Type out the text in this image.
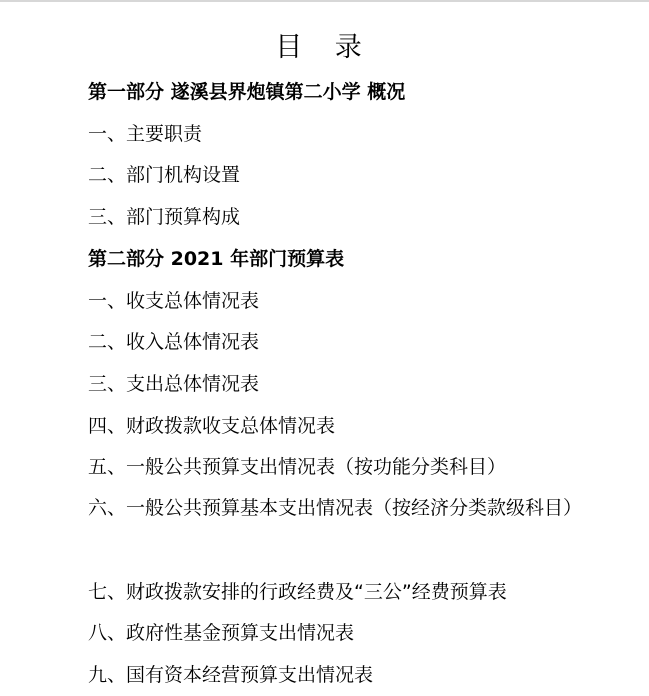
目 录
第一部分 遂溪县界炮镇第二小学 概况
一、主要职责
二、部门机构设置
三、部门预算构成
第二部分 2021 年部门预算表
一、收支总体情况表
二、收入总体情况表
三、支出总体情况表
四、财政拨款收支总体情况表
五、一般公共预算支出情况表（按功能分类科目）
六、一般公共预算基本支出情况表（按经济分类款级科目）
七、财政拨款安排的行政经费及“三公”经费预算表
八、政府性基金预算支出情况表
九、国有资本经营预算支出情况表
